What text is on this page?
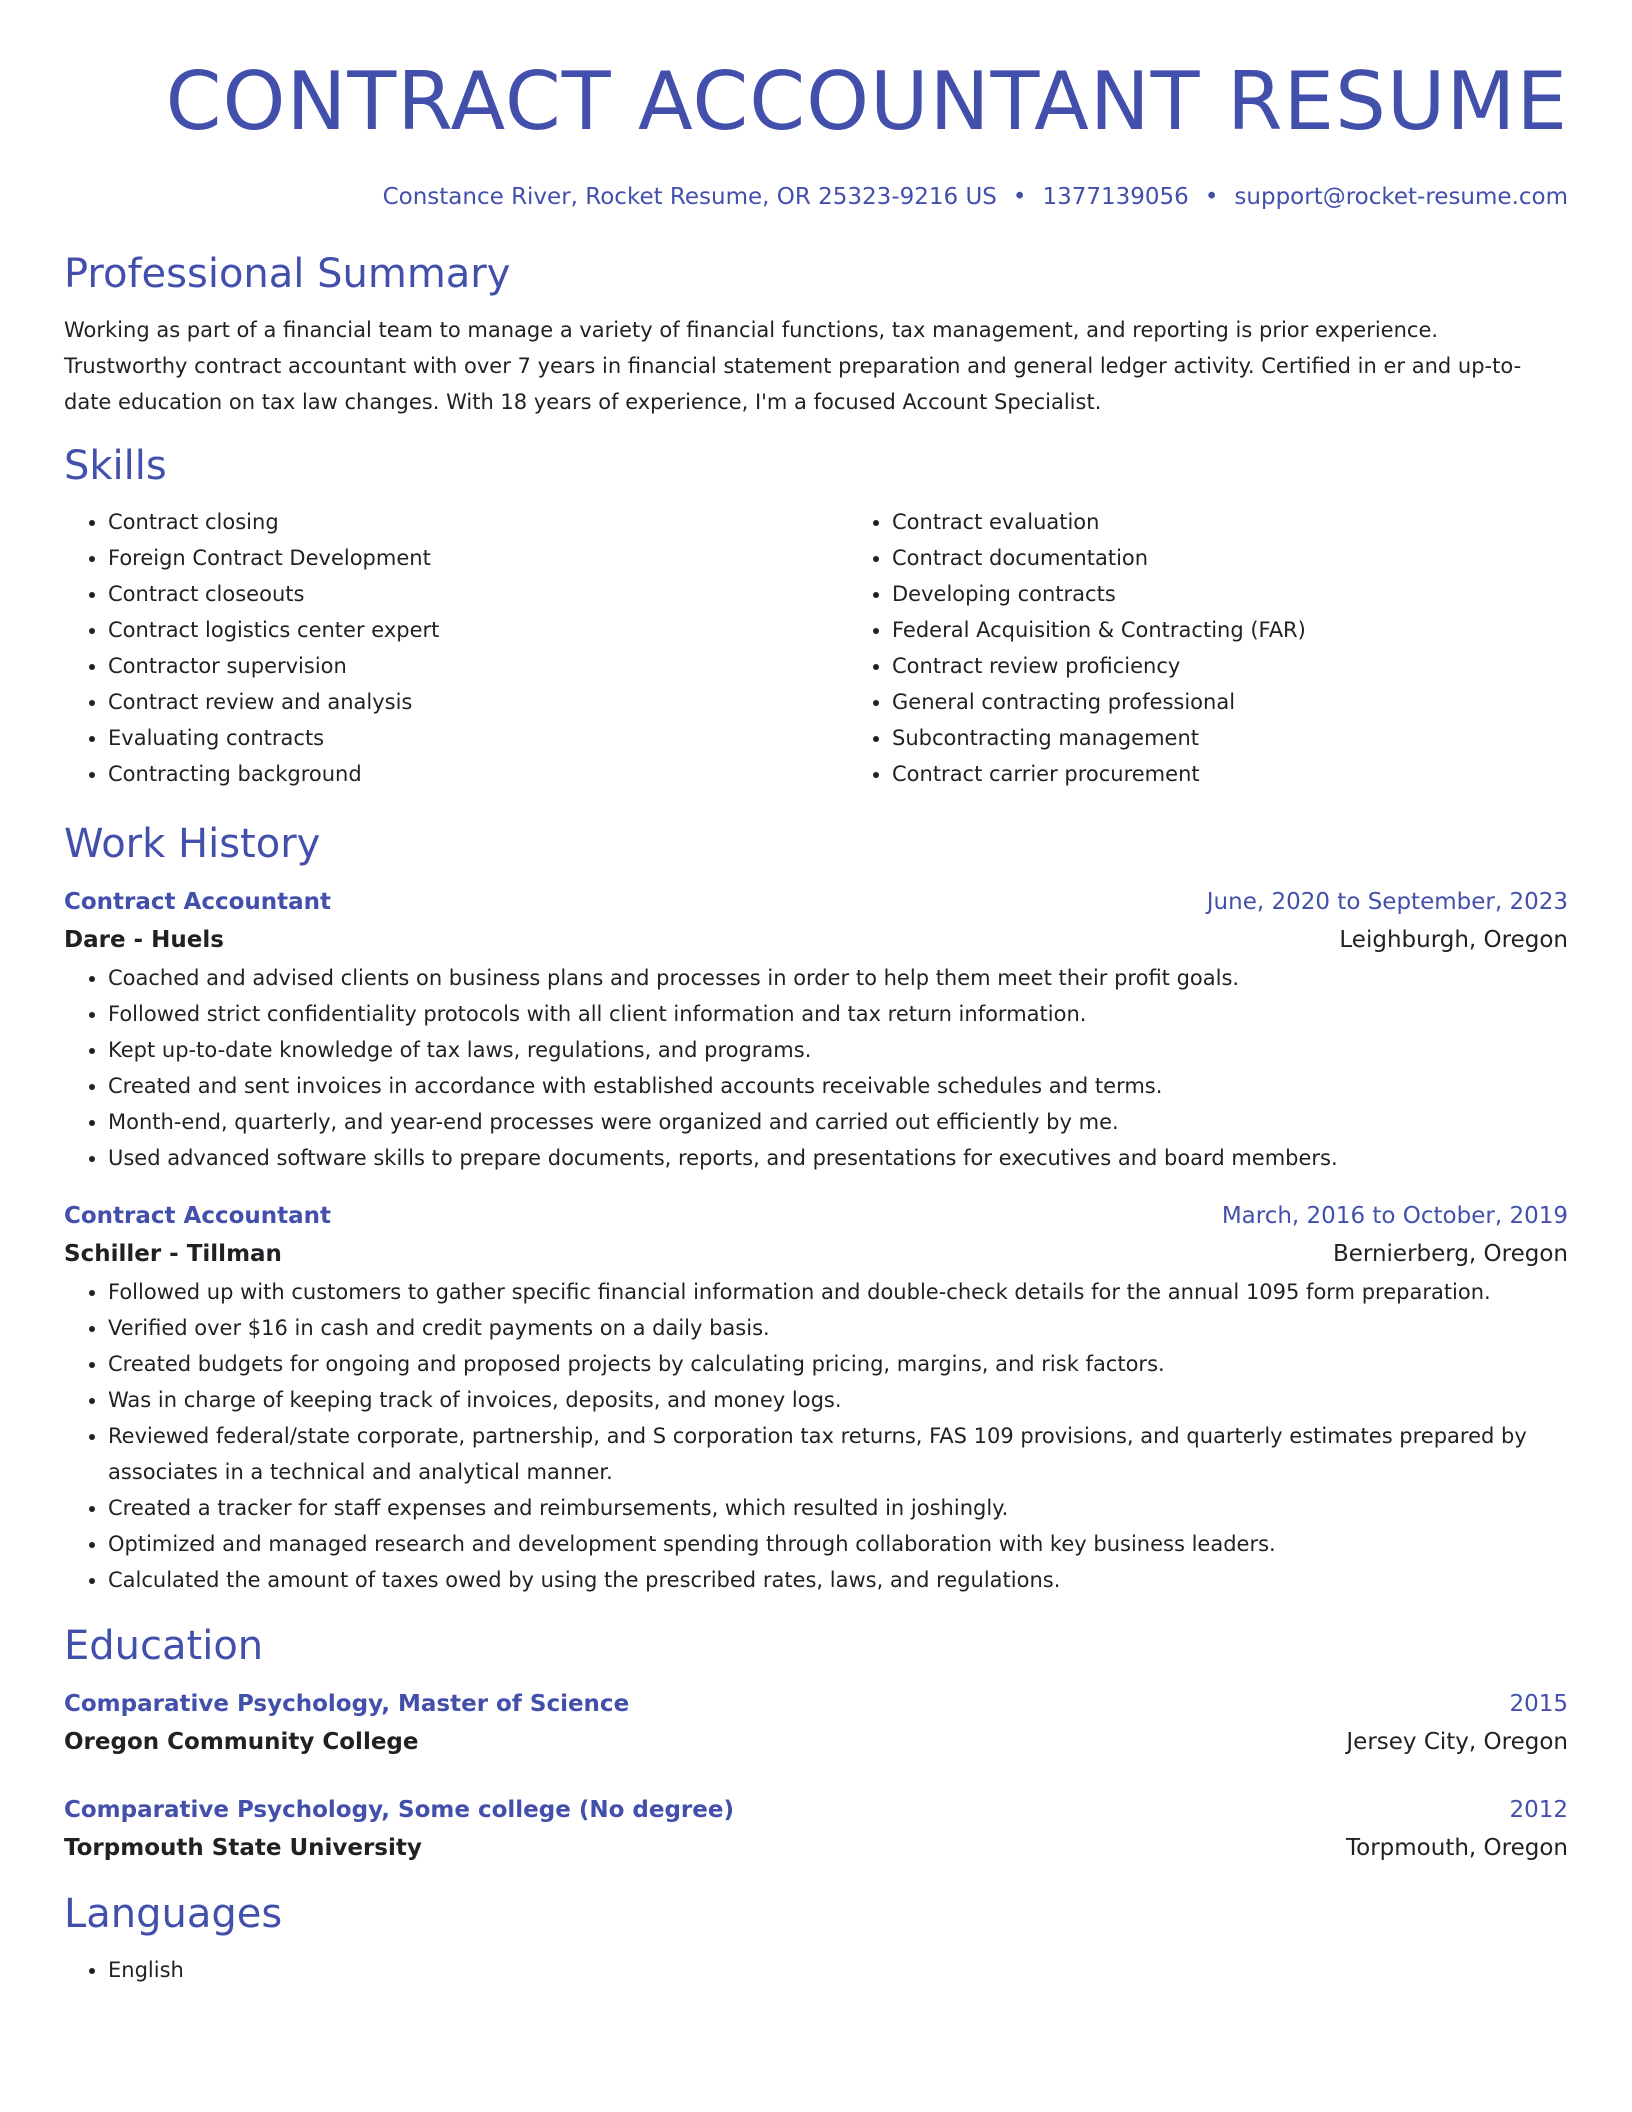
CONTRACT ACCOUNTANT RESUME
Constance River, Rocket Resume, OR 25323-9216 US • 1377139056 • support@rocket-resume.com
Professional Summary

Working as part of a financial team to manage a variety of financial functions, tax management, and reporting is prior experience. Trustworthy contract accountant with over 7 years in financial statement preparation and general ledger activity. Certified in er and up-to-date education on tax law changes. With 18 years of experience, I'm a focused Account Specialist.

Skills
• Contract closing
• Foreign Contract Development
• Contract closeouts
• Contract logistics center expert
• Contractor supervision
• Contract review and analysis
• Evaluating contracts
• Contracting background
• Contract evaluation
• Contract documentation
• Developing contracts
• Federal Acquisition & Contracting (FAR)
• Contract review proficiency
• General contracting professional
• Subcontracting management
• Contract carrier procurement
Work History
Contract Accountant	June, 2020 to September, 2023
Dare - Huels	Leighburgh, Oregon
• Coached and advised clients on business plans and processes in order to help them meet their profit goals.
• Followed strict confidentiality protocols with all client information and tax return information.
• Kept up-to-date knowledge of tax laws, regulations, and programs.
• Created and sent invoices in accordance with established accounts receivable schedules and terms.
• Month-end, quarterly, and year-end processes were organized and carried out efficiently by me.
• Used advanced software skills to prepare documents, reports, and presentations for executives and board members.
Contract Accountant	March, 2016 to October, 2019
Schiller - Tillman	Bernierberg, Oregon
• Followed up with customers to gather specific financial information and double-check details for the annual 1095 form preparation.
• Verified over $16 in cash and credit payments on a daily basis.
• Created budgets for ongoing and proposed projects by calculating pricing, margins, and risk factors.
• Was in charge of keeping track of invoices, deposits, and money logs.
• Reviewed federal/state corporate, partnership, and S corporation tax returns, FAS 109 provisions, and quarterly estimates prepared by associates in a technical and analytical manner.
• Created a tracker for staff expenses and reimbursements, which resulted in joshingly.
• Optimized and managed research and development spending through collaboration with key business leaders.
• Calculated the amount of taxes owed by using the prescribed rates, laws, and regulations.
Education
Comparative Psychology, Master of Science	2015
Oregon Community College	Jersey City, Oregon
Comparative Psychology, Some college (No degree)	2012
Torpmouth State University	Torpmouth, Oregon
Languages
• English
